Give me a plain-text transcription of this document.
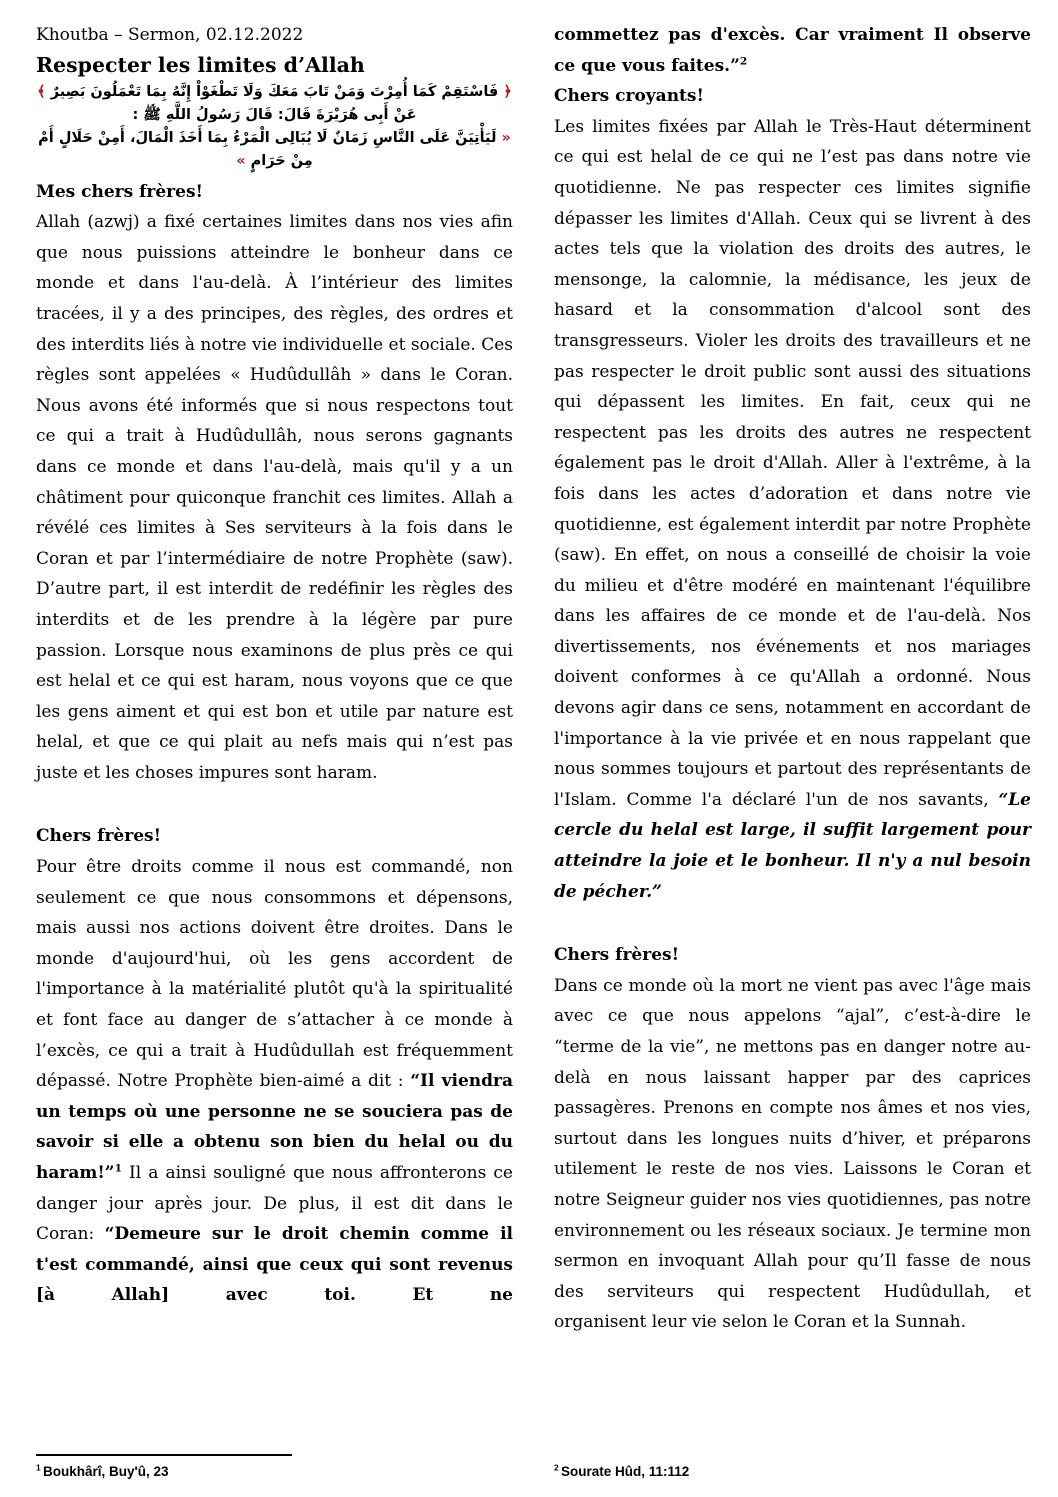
Khoutba – Sermon, 02.12.2022
Respecter les limites d’Allah
﴿ فَاسْتَقِمْ كَمَا أُمِرْتَ وَمَنْ تَابَ مَعَكَ وَلَا تَطْغَوْاْ إِنَّهُ بِمَا تَعْمَلُونَ بَصِيرٌ ﴾
عَنْ أَبِى هُرَيْرَةَ قَالَ: قَالَ رَسُولُ اللَّهِ ﷺ :
« لَيَأْتِيَنَّ عَلَى النَّاسِ زَمَانٌ لَا يُبَالِى الْمَرْءُ بِمَا أَخَذَ الْمَالَ، أَمِنْ حَلَالٍ أَمْ مِنْ حَرَامٍ »
Mes chers frères!
Allah (azwj) a fixé certaines limites dans nos vies afin que nous puissions atteindre le bonheur dans ce monde et dans l'au-delà. À l’intérieur des limites tracées, il y a des principes, des règles, des ordres et des interdits liés à notre vie individuelle et sociale. Ces règles sont appelées « Hudûdullâh » dans le Coran. Nous avons été informés que si nous respectons tout ce qui a trait à Hudûdullâh, nous serons gagnants dans ce monde et dans l'au-delà, mais qu'il y a un châtiment pour quiconque franchit ces limites. Allah a révélé ces limites à Ses serviteurs à la fois dans le Coran et par l’intermédiaire de notre Prophète (saw). D’autre part, il est interdit de redéfinir les règles des interdits et de les prendre à la légère par pure passion. Lorsque nous examinons de plus près ce qui est helal et ce qui est haram, nous voyons que ce que les gens aiment et qui est bon et utile par nature est helal, et que ce qui plait au nefs mais qui n’est pas juste et les choses impures sont haram.
Chers frères!
Pour être droits comme il nous est commandé, non seulement ce que nous consommons et dépensons, mais aussi nos actions doivent être droites. Dans le monde d'aujourd'hui, où les gens accordent de l'importance à la matérialité plutôt qu'à la spiritualité et font face au danger de s’attacher à ce monde à l’excès, ce qui a trait à Hudûdullah est fréquemment dépassé. Notre Prophète bien-aimé a dit : “Il viendra un temps où une personne ne se souciera pas de savoir si elle a obtenu son bien du helal ou du haram!”$^1$ Il a ainsi souligné que nous affronterons ce danger jour après jour. De plus, il est dit dans le Coran: “Demeure sur le droit chemin comme il t'est commandé, ainsi que ceux qui sont revenus [à Allah] avec toi. Et ne
$^1$ Boukhârî, Buy'û, 23
commettez pas d'excès. Car vraiment Il observe ce que vous faites.”$^2$
Chers croyants!
Les limites fixées par Allah le Très-Haut déterminent ce qui est helal de ce qui ne l’est pas dans notre vie quotidienne. Ne pas respecter ces limites signifie dépasser les limites d'Allah. Ceux qui se livrent à des actes tels que la violation des droits des autres, le mensonge, la calomnie, la médisance, les jeux de hasard et la consommation d'alcool sont des transgresseurs. Violer les droits des travailleurs et ne pas respecter le droit public sont aussi des situations qui dépassent les limites. En fait, ceux qui ne respectent pas les droits des autres ne respectent également pas le droit d'Allah. Aller à l'extrême, à la fois dans les actes d’adoration et dans notre vie quotidienne, est également interdit par notre Prophète (saw). En effet, on nous a conseillé de choisir la voie du milieu et d'être modéré en maintenant l'équilibre dans les affaires de ce monde et de l'au-delà. Nos divertissements, nos événements et nos mariages doivent conformes à ce qu'Allah a ordonné. Nous devons agir dans ce sens, notamment en accordant de l'importance à la vie privée et en nous rappelant que nous sommes toujours et partout des représentants de l'Islam. Comme l'a déclaré l'un de nos savants, “Le cercle du helal est large, il suffit largement pour atteindre la joie et le bonheur. Il n'y a nul besoin de pécher.”
Chers frères!
Dans ce monde où la mort ne vient pas avec l'âge mais avec ce que nous appelons “ajal”, c’est-à-dire le “terme de la vie”, ne mettons pas en danger notre au-delà en nous laissant happer par des caprices passagères. Prenons en compte nos âmes et nos vies, surtout dans les longues nuits d’hiver, et préparons utilement le reste de nos vies. Laissons le Coran et notre Seigneur guider nos vies quotidiennes, pas notre environnement ou les réseaux sociaux. Je termine mon sermon en invoquant Allah pour qu’Il fasse de nous des serviteurs qui respectent Hudûdullah, et organisent leur vie selon le Coran et la Sunnah.
$^2$ Sourate Hûd, 11:112
